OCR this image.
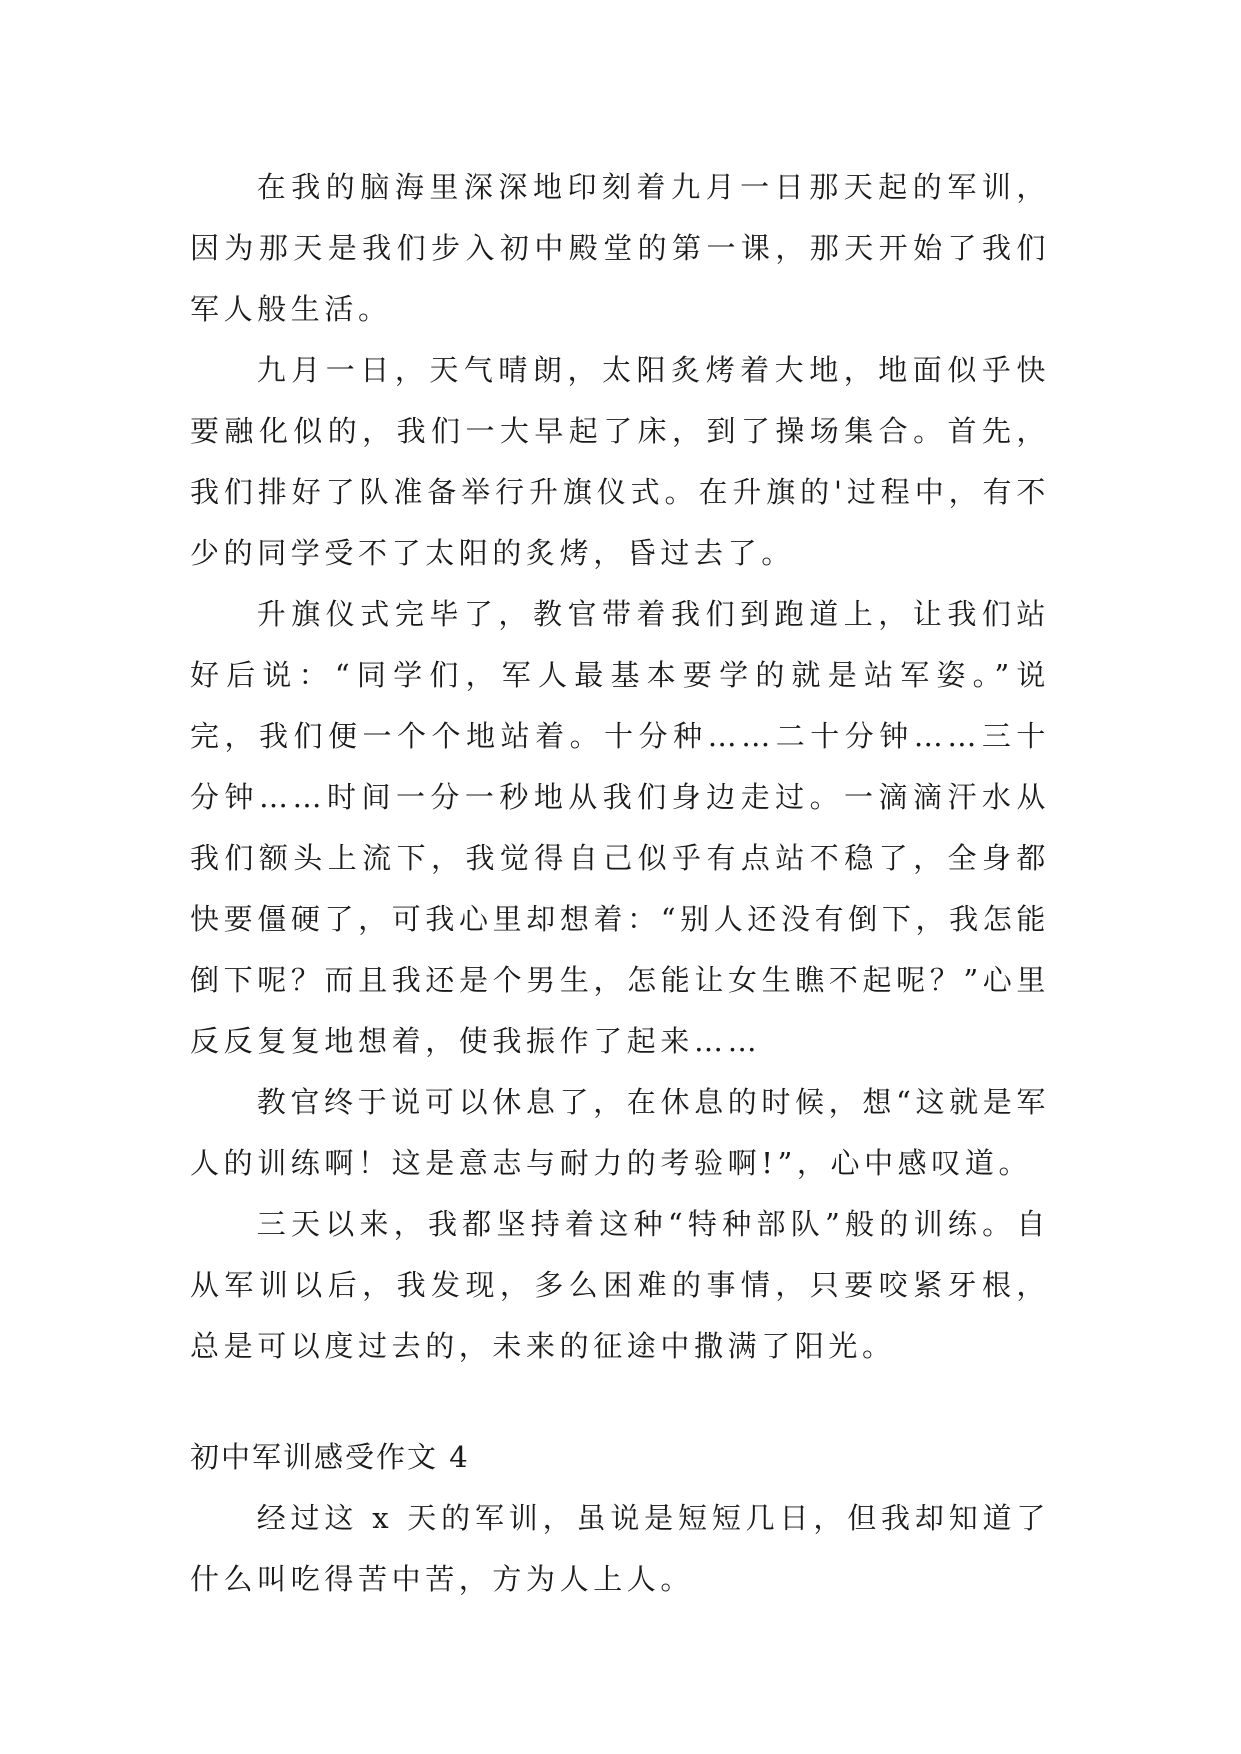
在我的脑海里深深地印刻着九月一日那天起的军训，因为那天是我们步入初中殿堂的第一课，那天开始了我们军人般生活。

九月一日，天气晴朗，太阳炙烤着大地，地面似乎快要融化似的，我们一大早起了床，到了操场集合。首先，我们排好了队准备举行升旗仪式。在升旗的'过程中，有不少的同学受不了太阳的炙烤，昏过去了。

升旗仪式完毕了，教官带着我们到跑道上，让我们站好后说：“同学们，军人最基本要学的就是站军姿。”说完，我们便一个个地站着。十分种……二十分钟……三十分钟……时间一分一秒地从我们身边走过。一滴滴汗水从我们额头上流下，我觉得自己似乎有点站不稳了，全身都快要僵硬了，可我心里却想着：“别人还没有倒下，我怎能倒下呢？而且我还是个男生，怎能让女生瞧不起呢？”心里反反复复地想着，使我振作了起来……

教官终于说可以休息了，在休息的时候，想“这就是军人的训练啊！这是意志与耐力的考验啊!”，心中感叹道。

三天以来，我都坚持着这种“特种部队”般的训练。自从军训以后，我发现，多么困难的事情，只要咬紧牙根，总是可以度过去的，未来的征途中撒满了阳光。

初中军训感受作文 4

经过这 x 天的军训，虽说是短短几日，但我却知道了什么叫吃得苦中苦，方为人上人。
